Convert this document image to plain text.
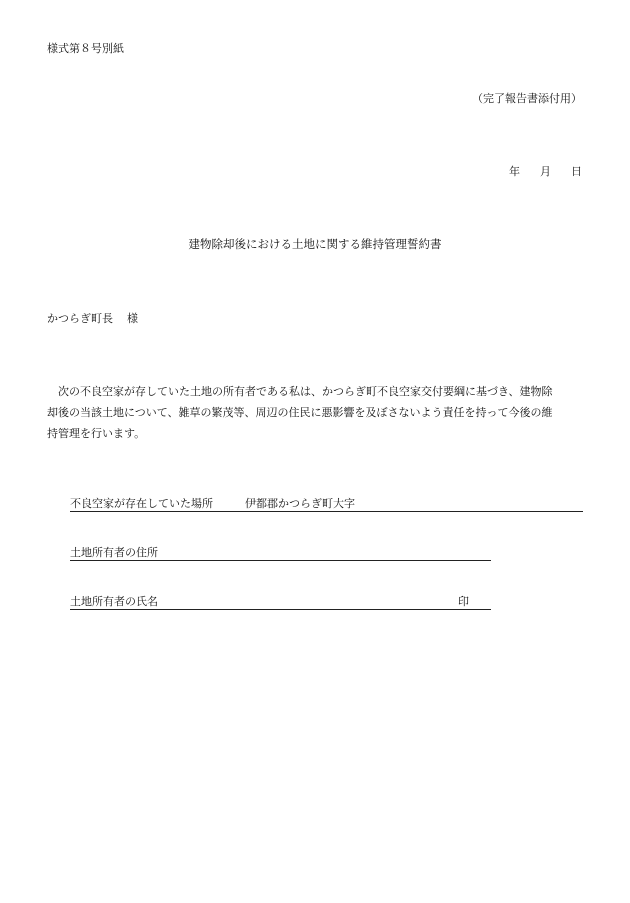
様式第８号別紙
（完了報告書添付用）
年 月 日
建物除却後における土地に関する維持管理誓約書
かつらぎ町長 様
次の不良空家が存していた土地の所有者である私は、かつらぎ町不良空家交付要綱に基づき、建物除
却後の当該土地について、雑草の繁茂等、周辺の住民に悪影響を及ぼさないよう責任を持って今後の維
持管理を行います。
不良空家が存在していた場所	伊都郡かつらぎ町大字
土地所有者の住所
土地所有者の氏名	印
